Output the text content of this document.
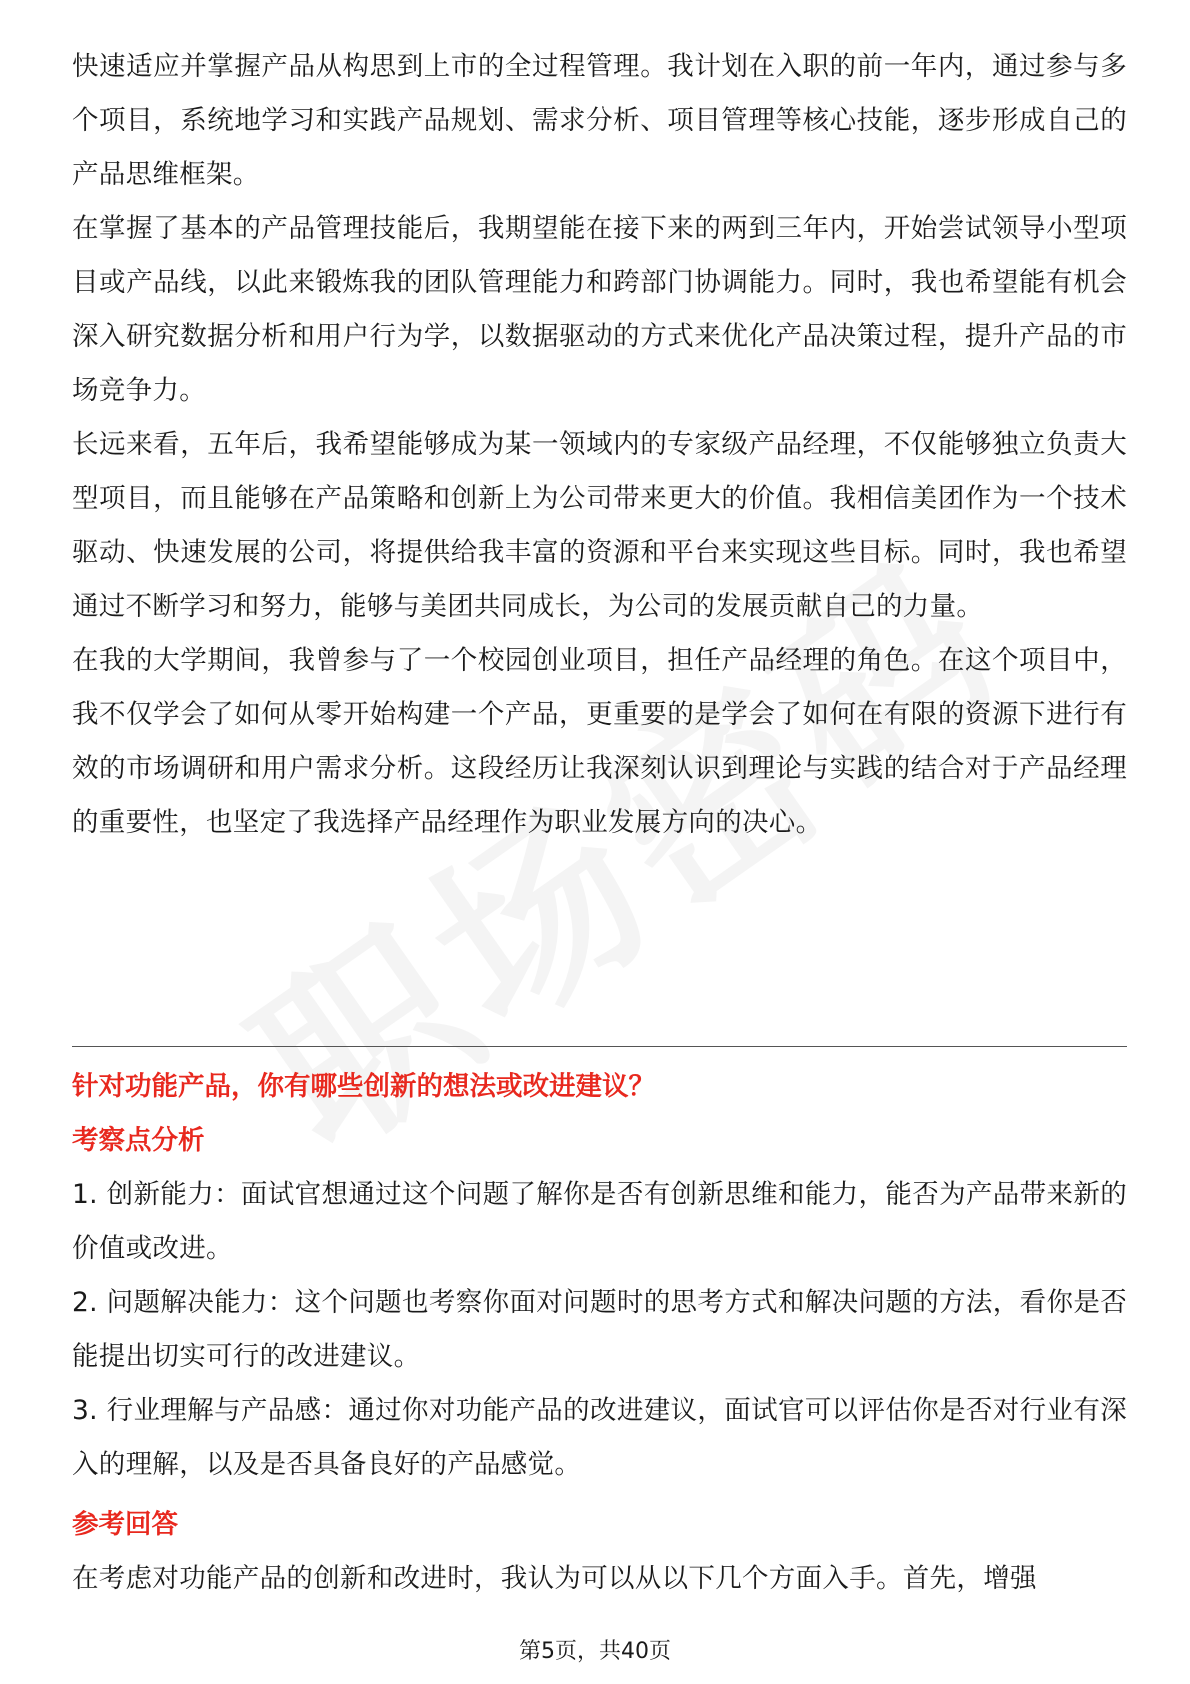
快速适应并掌握产品从构思到上市的全过程管理。我计划在入职的前一年内，通过参与多个项目，系统地学习和实践产品规划、需求分析、项目管理等核心技能，逐步形成自己的产品思维框架。

在掌握了基本的产品管理技能后，我期望能在接下来的两到三年内，开始尝试领导小型项目或产品线，以此来锻炼我的团队管理能力和跨部门协调能力。同时，我也希望能有机会深入研究数据分析和用户行为学，以数据驱动的方式来优化产品决策过程，提升产品的市场竞争力。

长远来看，五年后，我希望能够成为某一领域内的专家级产品经理，不仅能够独立负责大型项目，而且能够在产品策略和创新上为公司带来更大的价值。我相信美团作为一个技术驱动、快速发展的公司，将提供给我丰富的资源和平台来实现这些目标。同时，我也希望通过不断学习和努力，能够与美团共同成长，为公司的发展贡献自己的力量。

在我的大学期间，我曾参与了一个校园创业项目，担任产品经理的角色。在这个项目中，我不仅学会了如何从零开始构建一个产品，更重要的是学会了如何在有限的资源下进行有效的市场调研和用户需求分析。这段经历让我深刻认识到理论与实践的结合对于产品经理的重要性，也坚定了我选择产品经理作为职业发展方向的决心。

针对功能产品，你有哪些创新的想法或改进建议？

考察点分析

1. 创新能力：面试官想通过这个问题了解你是否有创新思维和能力，能否为产品带来新的价值或改进。

2. 问题解决能力：这个问题也考察你面对问题时的思考方式和解决问题的方法，看你是否能提出切实可行的改进建议。

3. 行业理解与产品感：通过你对功能产品的改进建议，面试官可以评估你是否对行业有深入的理解，以及是否具备良好的产品感觉。

参考回答

在考虑对功能产品的创新和改进时，我认为可以从以下几个方面入手。首先，增强

第5页，共40页
